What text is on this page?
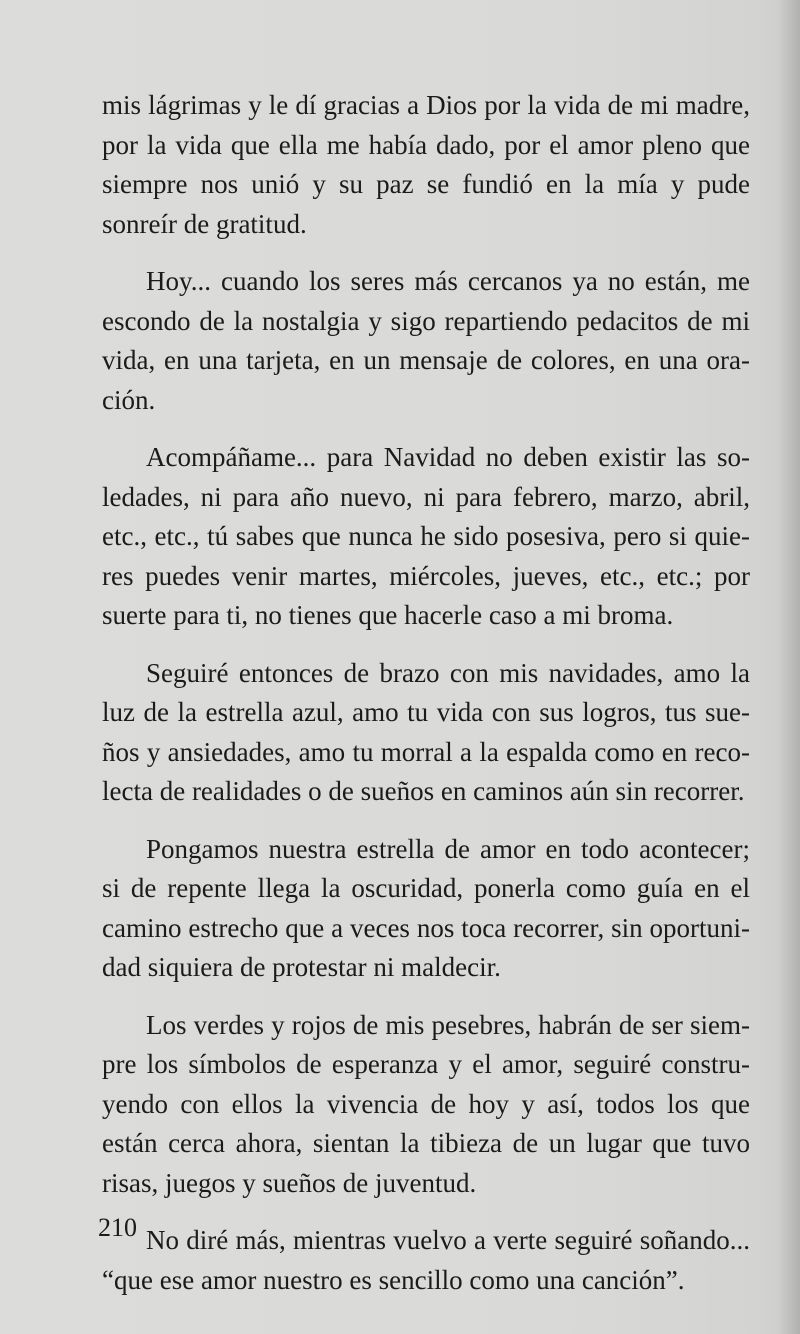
mis lágrimas y le dí gracias a Dios por la vida de mi madre, por la vida que ella me había dado, por el amor pleno que siempre nos unió y su paz se fundió en la mía y pude sonreír de gratitud.

Hoy... cuando los seres más cercanos ya no están, me escondo de la nostalgia y sigo repartiendo pedacitos de mi vida, en una tarjeta, en un mensaje de colores, en una oración.

Acompáñame... para Navidad no deben existir las soledades, ni para año nuevo, ni para febrero, marzo, abril, etc., etc., tú sabes que nunca he sido posesiva, pero si quieres puedes venir martes, miércoles, jueves, etc., etc.; por suerte para ti, no tienes que hacerle caso a mi broma.

Seguiré entonces de brazo con mis navidades, amo la luz de la estrella azul, amo tu vida con sus logros, tus sueños y ansiedades, amo tu morral a la espalda como en recolecta de realidades o de sueños en caminos aún sin recorrer.

Pongamos nuestra estrella de amor en todo acontecer; si de repente llega la oscuridad, ponerla como guía en el camino estrecho que a veces nos toca recorrer, sin oportunidad siquiera de protestar ni maldecir.

Los verdes y rojos de mis pesebres, habrán de ser siempre los símbolos de esperanza y el amor, seguiré construyendo con ellos la vivencia de hoy y así, todos los que están cerca ahora, sientan la tibieza de un lugar que tuvo risas, juegos y sueños de juventud.

No diré más, mientras vuelvo a verte seguiré soñando... “que ese amor nuestro es sencillo como una canción”.

210
